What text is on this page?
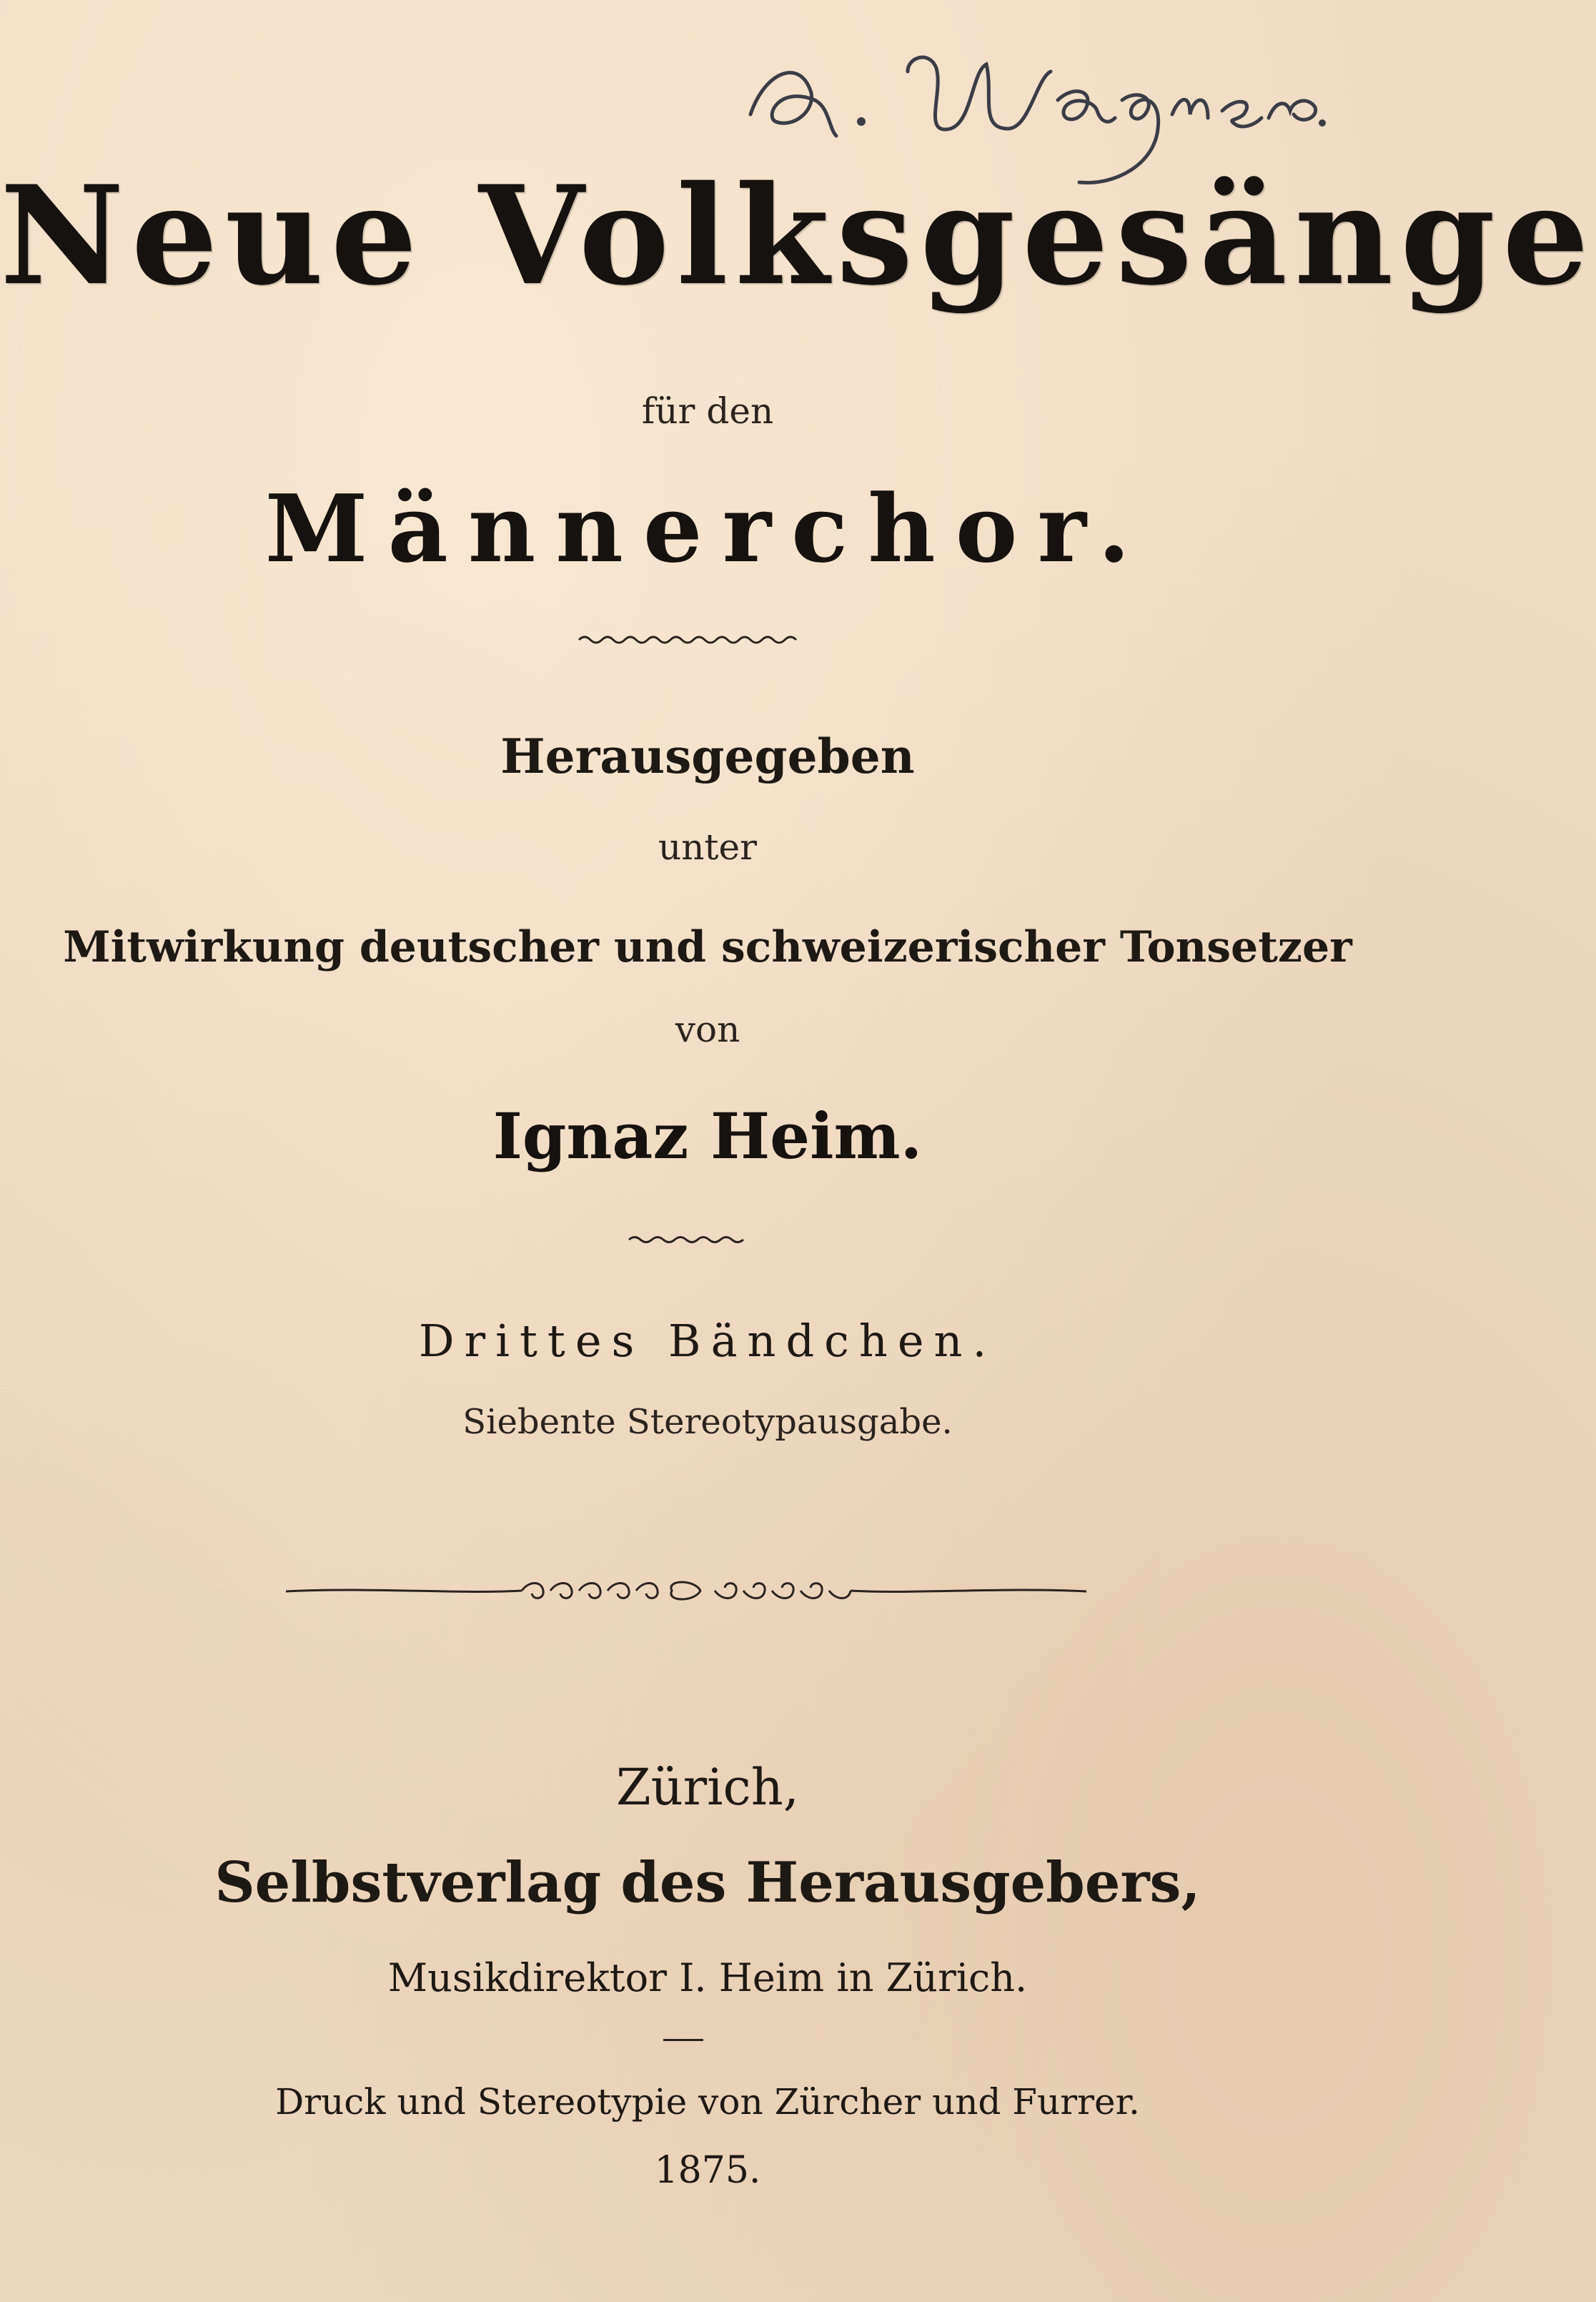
Neue Volksgesänge
für den
Männerchor.
Herausgegeben
unter
Mitwirkung deutscher und schweizerischer Tonsetzer
von
Ignaz Heim.
Drittes Bändchen.
Siebente Stereotypausgabe.
Zürich,
Selbstverlag des Herausgebers,
Musikdirektor I. Heim in Zürich.
Druck und Stereotypie von Zürcher und Furrer.
1875.
